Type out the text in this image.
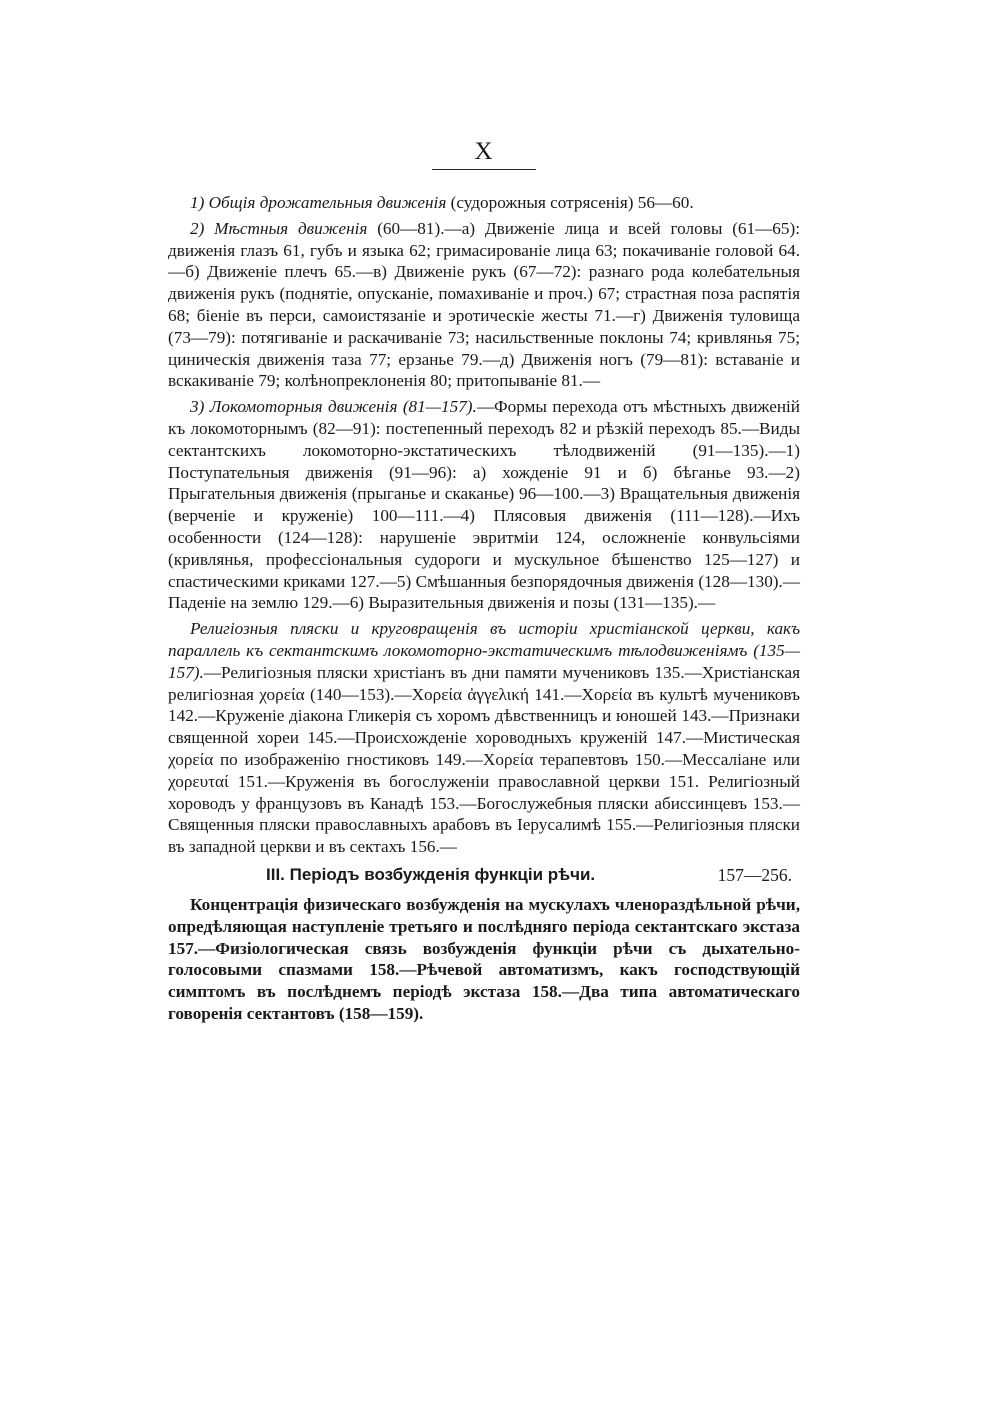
X

1) Общія дрожательныя движенія (судорожныя сотрясенія) 56—60.

2) Мѣстныя движенія (60—81).—а) Движеніе лица и всей головы (61—65): движенія глазъ 61, губъ и языка 62; гримасированіе лица 63; покачиваніе головой 64.—б) Движеніе плечъ 65.—в) Движеніе рукъ (67—72): разнаго рода колебательныя движенія рукъ (поднятіе, опусканіе, помахиваніе и проч.) 67; страстная поза распятія 68; біеніе въ перси, самоистязаніе и эротическіе жесты 71.—г) Движенія туловища (73—79): потягиваніе и раскачиваніе 73; насильственные поклоны 74; кривлянья 75; циническія движенія таза 77; ерзанье 79.—д) Движенія ногъ (79—81): вставаніе и вскакиваніе 79; колѣнопреклоненія 80; притопываніе 81.—

3) Локомоторныя движенія (81—157).—Формы перехода отъ мѣстныхъ движеній къ локомоторнымъ (82—91): постепенный переходъ 82 и рѣзкій переходъ 85.—Виды сектантскихъ локомоторно-экстатическихъ тѣлодвиженій (91—135).—1) Поступательныя движенія (91—96): а) хожденіе 91 и б) бѣганье 93.—2) Прыгательныя движенія (прыганье и скаканье) 96—100.—3) Вращательныя движенія (верченіе и круженіе) 100—111.—4) Плясовыя движенія (111—128).—Ихъ особенности (124—128): нарушеніе эвритміи 124, осложненіе конвульсіями (кривлянья, профессіональныя судороги и мускульное бѣшенство 125—127) и спастическими криками 127.—5) Смѣшанныя безпорядочныя движенія (128—130).—Паденіе на землю 129.—6) Выразительныя движенія и позы (131—135).—

Религіозныя пляски и круговращенія въ исторіи христіанской церкви, какъ параллель къ сектантскимъ локомоторно-экстатическимъ тѣлодвиженіямъ (135—157).—Религіозныя пляски христіанъ въ дни памяти мучениковъ 135.—Христіанская религіозная χορεία (140—153).—Χορεία ἀγγελική 141.—Χορεία въ культѣ мучениковъ 142.—Круженіе діакона Гликерія съ хоромъ дѣвственницъ и юношей 143.—Признаки священной хореи 145.—Происхожденіе хороводныхъ круженій 147.—Мистическая χορεία по изображенію гностиковъ 149.—Χορεία терапевтовъ 150.—Мессаліане или χορευταί 151.—Круженія въ богослуженіи православной церкви 151. Религіозный хороводъ у французовъ въ Канадѣ 153.—Богослужебныя пляски абиссинцевъ 153.—Священныя пляски православныхъ арабовъ въ Іерусалимѣ 155.—Религіозныя пляски въ западной церкви и въ сектахъ 156.—

III. Періодъ возбужденія функціи рѣчи.	157—256.

Концентрація физическаго возбужденія на мускулахъ членораздѣльной рѣчи, опредѣляющая наступленіе третьяго и послѣдняго періода сектантскаго экстаза 157.—Физіологическая связь возбужденія функціи рѣчи съ дыхательно-голосовыми спазмами 158.—Рѣчевой автоматизмъ, какъ господствующій симптомъ въ послѣднемъ періодѣ экстаза 158.—Два типа автоматическаго говоренія сектантовъ (158—159).
